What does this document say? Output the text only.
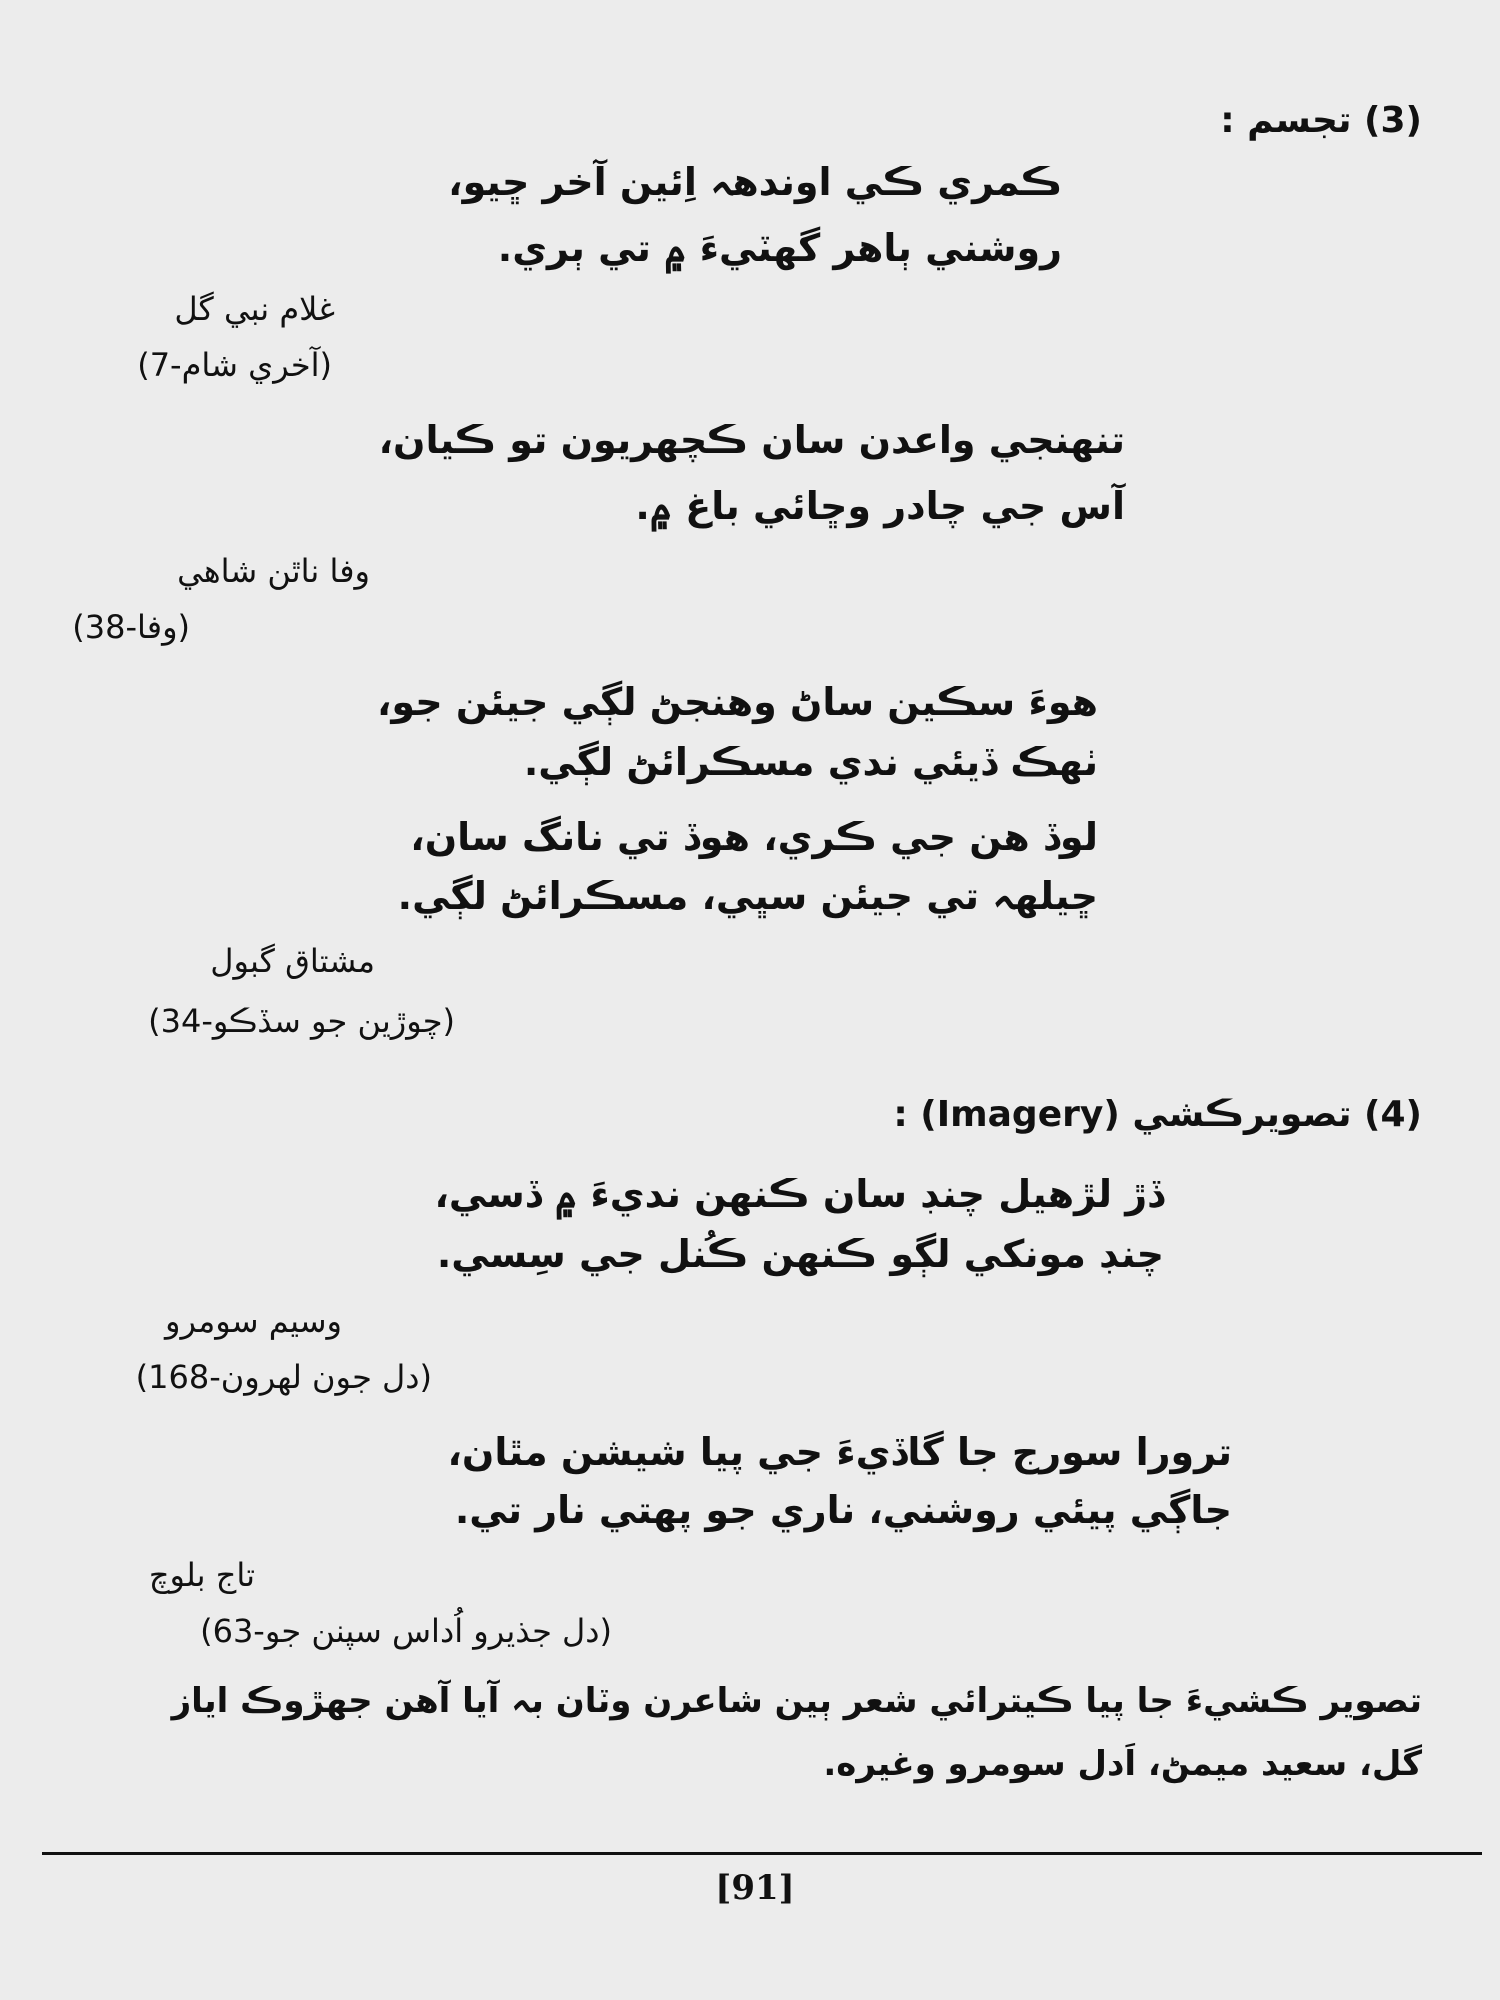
(3) تجسم :
ڪمري ڪي اوندهہ اِئين آخر ڇيو،
روشني ٻاهر گهٽيءَ ۾ تي ٻري.
غلام نبي گل
(آخري شام-7)
تنهنجي واعدن سان ڪچهريون تو ڪيان،
آس جي چادر وڇائي باغ ۾.
وفا ناٿن شاهي
(وفا-38)
هوءَ سڪين ساڻ وهنجڻ لڳي جيئن جو،
ٺهڪ ڏيئي ندي مسڪرائڻ لڳي.
لوڏ هن جي ڪري، هوڏ تي نانگ سان،
ڇيلهہ تي جيئن سڀي، مسڪرائڻ لڳي.
مشتاق گبول
(چوڙين جو سڏڪو-34)
(4) تصويرڪشي (Imagery) :
ڏڙ لڙهيل چنڊ سان ڪنهن نديءَ ۾ ڏسي،
چنڊ مونکي لڳو ڪنهن ڪُنل جي سِسي.
وسيم سومرو
(دل جون لهرون-168)
ترورا سورج جا گاڏيءَ جي پيا شيشن مٿان،
جاڳي پيئي روشني، ناري جو پهتي نار تي.
تاج بلوچ
(دل جذيرو اُداس سپنن جو-63)
تصوير ڪشيءَ جا پيا ڪيترائي شعر ٻين شاعرن وٽان بہ آيا آهن جهڙوڪ اياز
گل، سعيد ميمڻ، اَدل سومرو وغيره.
[91]
